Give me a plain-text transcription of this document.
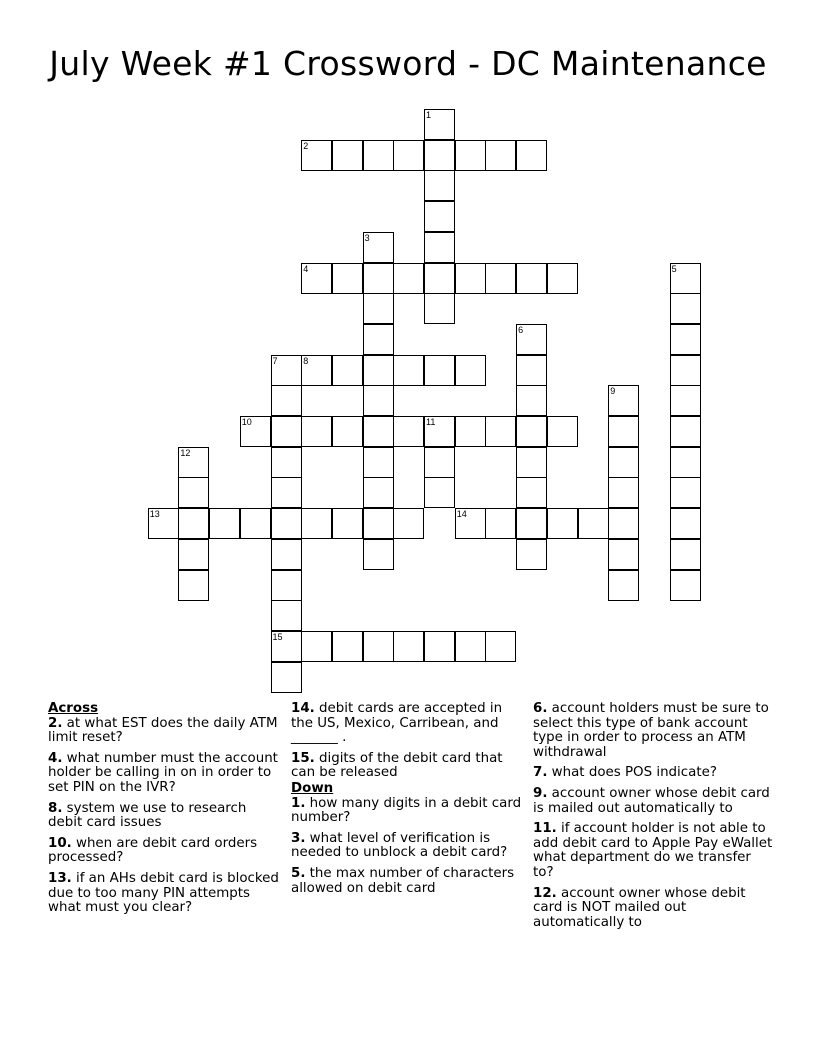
July Week #1 Crossword - DC Maintenance
1
2
3
4	5
6
7	8
9
10	11
12
13	14
15
Across
2. at what EST does the daily ATM limit reset?
4. what number must the account holder be calling in on in order to set PIN on the IVR?
8. system we use to research debit card issues
10. when are debit card orders processed?
13. if an AHs debit card is blocked due to too many PIN attempts what must you clear?
14. debit cards are accepted in the US, Mexico, Carribean, and _______ .
15. digits of the debit card that can be released
Down
1. how many digits in a debit card number?
3. what level of verification is needed to unblock a debit card?
5. the max number of characters allowed on debit card
6. account holders must be sure to select this type of bank account type in order to process an ATM withdrawal
7. what does POS indicate?
9. account owner whose debit card is mailed out automatically to
11. if account holder is not able to add debit card to Apple Pay eWallet what department do we transfer to?
12. account owner whose debit card is NOT mailed out automatically to
